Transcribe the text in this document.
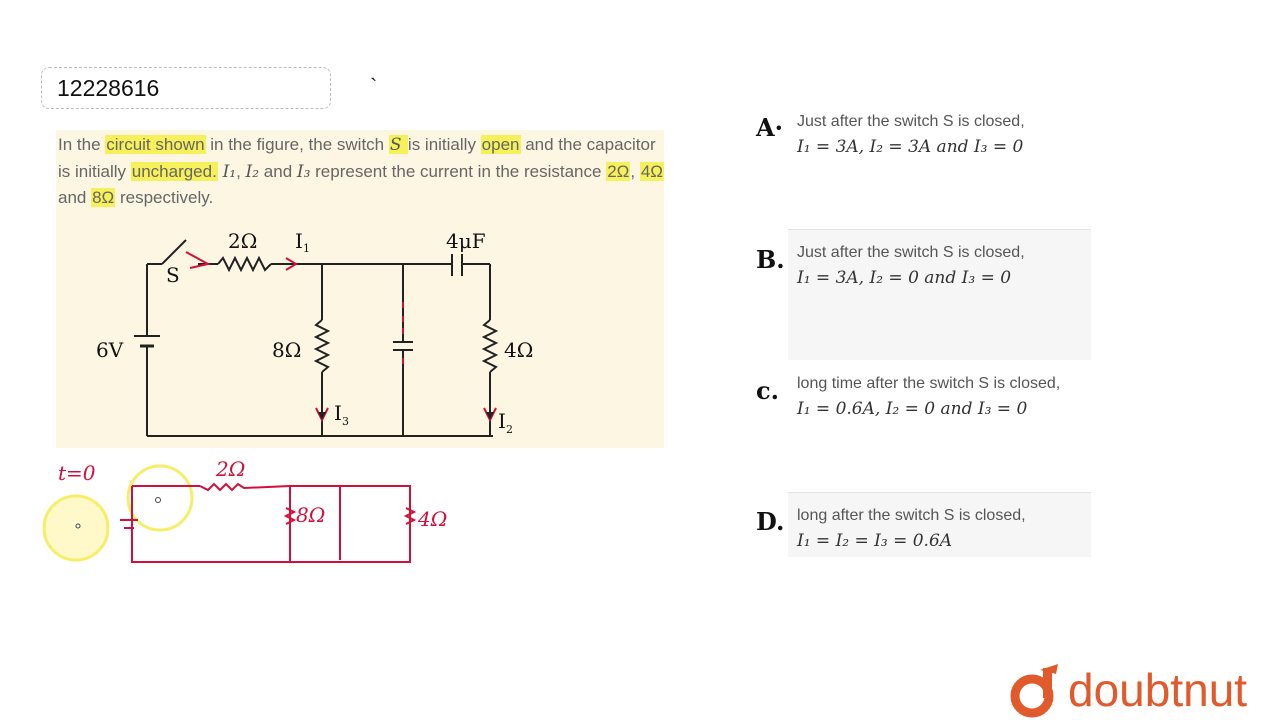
12228616	`
In the circuit shown in the figure, the switch S is initially open and the capacitor is initially uncharged. I₁, I₂ and I₃ represent the current in the resistance 2Ω, 4Ω and 8Ω respectively.
2Ω I 1	4μF
S
6V	8Ω	4Ω
I 3	I 2
t=0	2Ω
8Ω	4Ω
A· Just after the switch S is closed,
I₁ = 3A, I₂ = 3A and I₃ = 0
B. Just after the switch S is closed,
I₁ = 3A, I₂ = 0 and I₃ = 0
c. long time after the switch S is closed,
I₁ = 0.6A, I₂ = 0 and I₃ = 0
D. long after the switch S is closed,
I₁ = I₂ = I₃ = 0.6A
doubtnut
